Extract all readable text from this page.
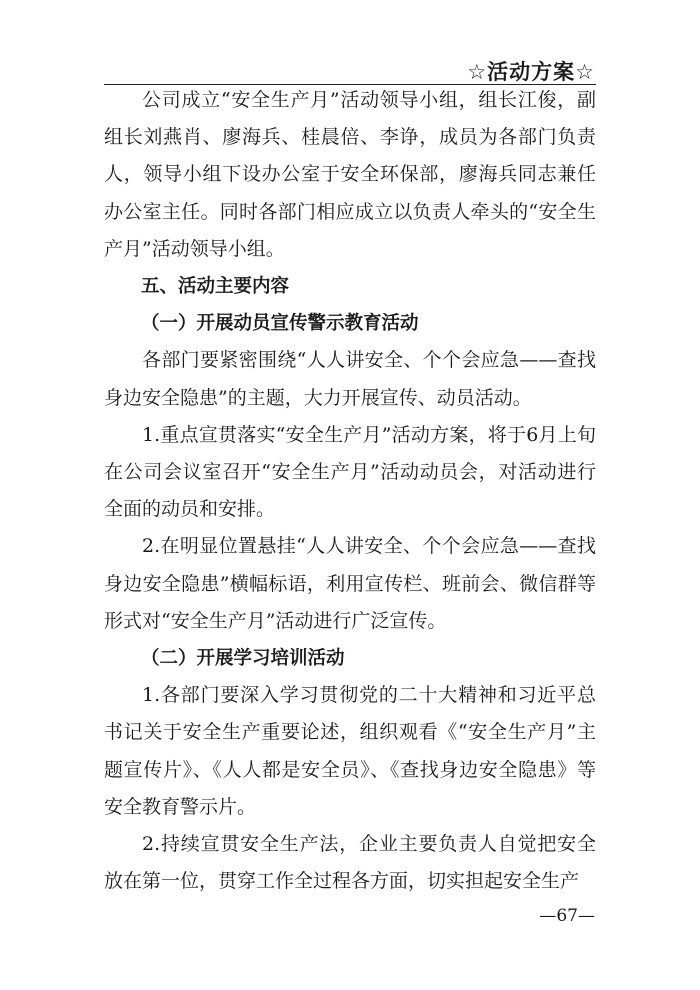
☆活动方案☆

公司成立“安全生产月”活动领导小组，组长江俊，副组长刘燕肖、廖海兵、桂晨倍、李诤，成员为各部门负责人，领导小组下设办公室于安全环保部，廖海兵同志兼任办公室主任。同时各部门相应成立以负责人牵头的“安全生产月”活动领导小组。

五、活动主要内容

（一）开展动员宣传警示教育活动

各部门要紧密围绕“人人讲安全、个个会应急——查找身边安全隐患”的主题，大力开展宣传、动员活动。

1.重点宣贯落实“安全生产月”活动方案，将于6月上旬在公司会议室召开“安全生产月”活动动员会，对活动进行全面的动员和安排。

2.在明显位置悬挂“人人讲安全、个个会应急——查找身边安全隐患”横幅标语，利用宣传栏、班前会、微信群等形式对“安全生产月”活动进行广泛宣传。

（二）开展学习培训活动

1.各部门要深入学习贯彻党的二十大精神和习近平总书记关于安全生产重要论述，组织观看《“安全生产月”主题宣传片》、《人人都是安全员》、《查找身边安全隐患》等安全教育警示片。

2.持续宣贯安全生产法，企业主要负责人自觉把安全放在第一位，贯穿工作全过程各方面，切实担起安全生产

—67—
